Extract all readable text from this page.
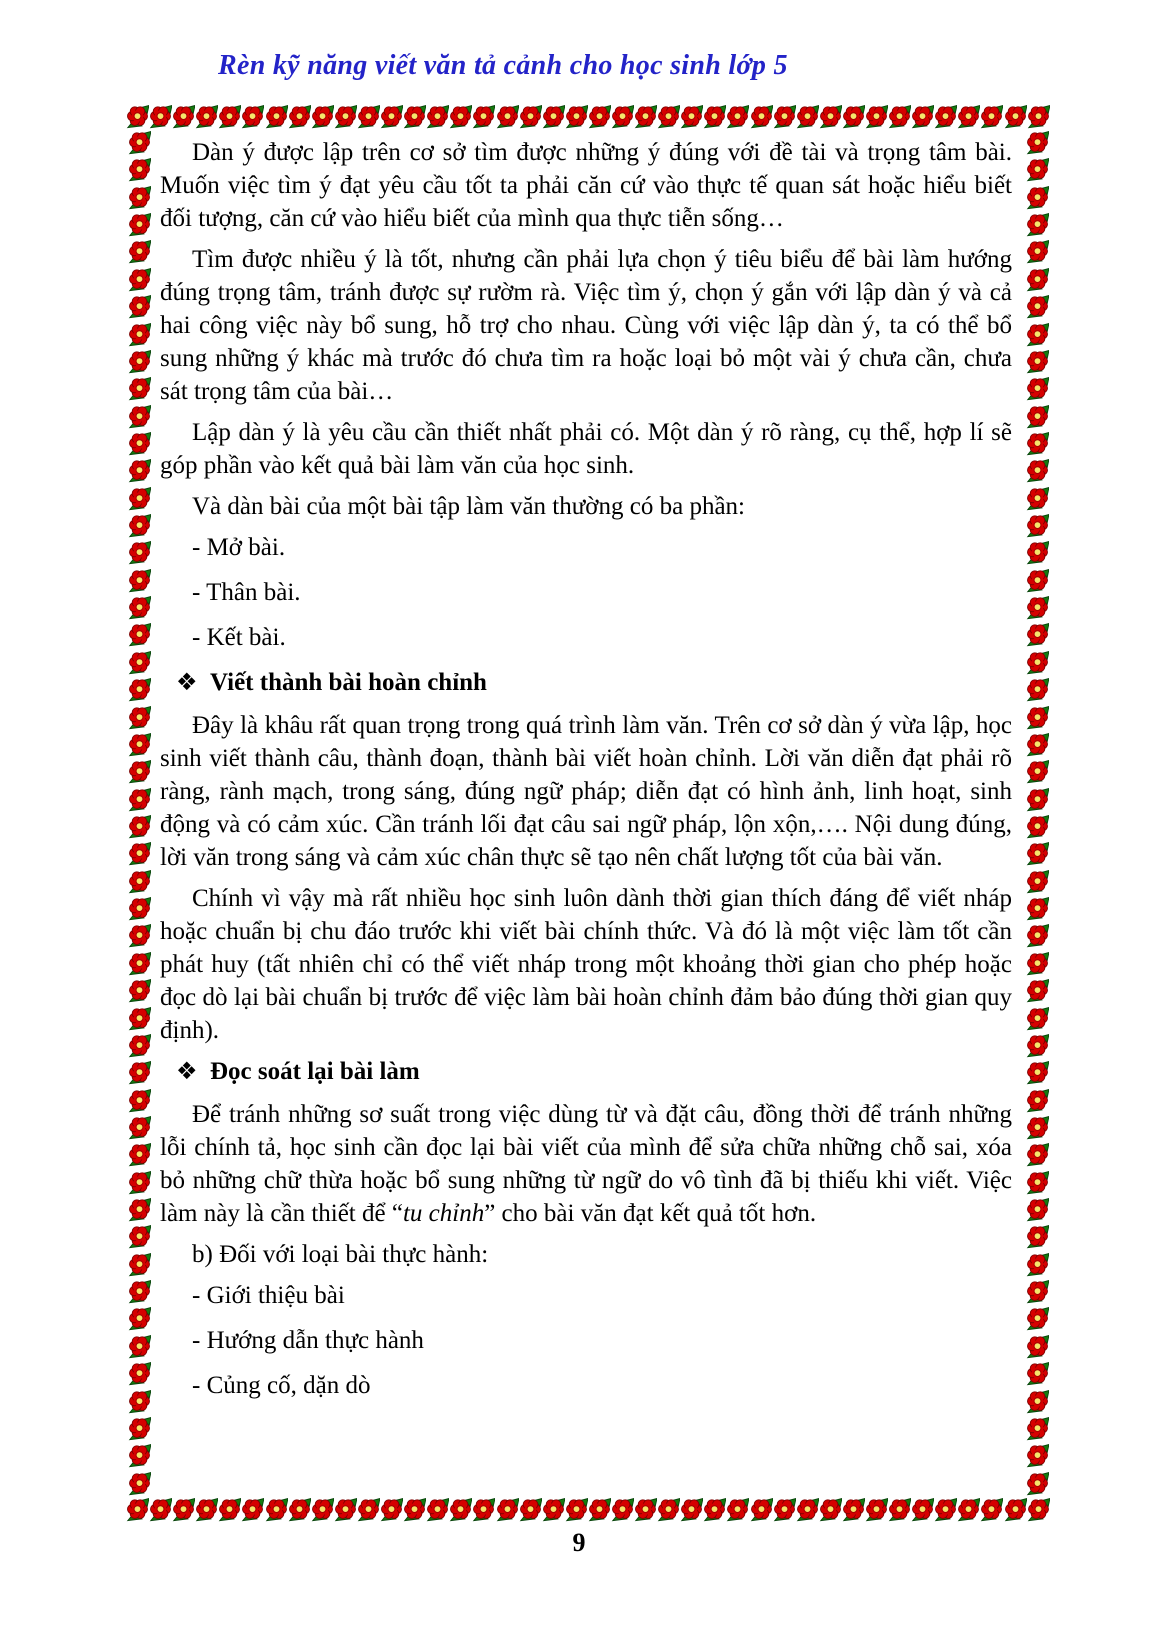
Rèn kỹ năng viết văn tả cảnh cho học sinh lớp 5

Dàn ý được lập trên cơ sở tìm được những ý đúng với đề tài và trọng tâm bài. Muốn việc tìm ý đạt yêu cầu tốt ta phải căn cứ vào thực tế quan sát hoặc hiểu biết đối tượng, căn cứ vào hiểu biết của mình qua thực tiễn sống…

Tìm được nhiều ý là tốt, nhưng cần phải lựa chọn ý tiêu biểu để bài làm hướng đúng trọng tâm, tránh được sự rườm rà. Việc tìm ý, chọn ý gắn với lập dàn ý và cả hai công việc này bổ sung, hỗ trợ cho nhau. Cùng với việc lập dàn ý, ta có thể bổ sung những ý khác mà trước đó chưa tìm ra hoặc loại bỏ một vài ý chưa cần, chưa sát trọng tâm của bài…

Lập dàn ý là yêu cầu cần thiết nhất phải có. Một dàn ý rõ ràng, cụ thể, hợp lí sẽ góp phần vào kết quả bài làm văn của học sinh.

Và dàn bài của một bài tập làm văn thường có ba phần:

- Mở bài.

- Thân bài.

- Kết bài.

❖ Viết thành bài hoàn chỉnh

Đây là khâu rất quan trọng trong quá trình làm văn. Trên cơ sở dàn ý vừa lập, học sinh viết thành câu, thành đoạn, thành bài viết hoàn chỉnh. Lời văn diễn đạt phải rõ ràng, rành mạch, trong sáng, đúng ngữ pháp; diễn đạt có hình ảnh, linh hoạt, sinh động và có cảm xúc. Cần tránh lối đạt câu sai ngữ pháp, lộn xộn,…. Nội dung đúng, lời văn trong sáng và cảm xúc chân thực sẽ tạo nên chất lượng tốt của bài văn.

Chính vì vậy mà rất nhiều học sinh luôn dành thời gian thích đáng để viết nháp hoặc chuẩn bị chu đáo trước khi viết bài chính thức. Và đó là một việc làm tốt cần phát huy (tất nhiên chỉ có thể viết nháp trong một khoảng thời gian cho phép hoặc đọc dò lại bài chuẩn bị trước để việc làm bài hoàn chỉnh đảm bảo đúng thời gian quy định).

❖ Đọc soát lại bài làm

Để tránh những sơ suất trong việc dùng từ và đặt câu, đồng thời để tránh những lỗi chính tả, học sinh cần đọc lại bài viết của mình để sửa chữa những chỗ sai, xóa bỏ những chữ thừa hoặc bổ sung những từ ngữ do vô tình đã bị thiếu khi viết. Việc làm này là cần thiết để “tu chỉnh” cho bài văn đạt kết quả tốt hơn.

b) Đối với loại bài thực hành:

- Giới thiệu bài

- Hướng dẫn thực hành

- Củng cố, dặn dò

9
